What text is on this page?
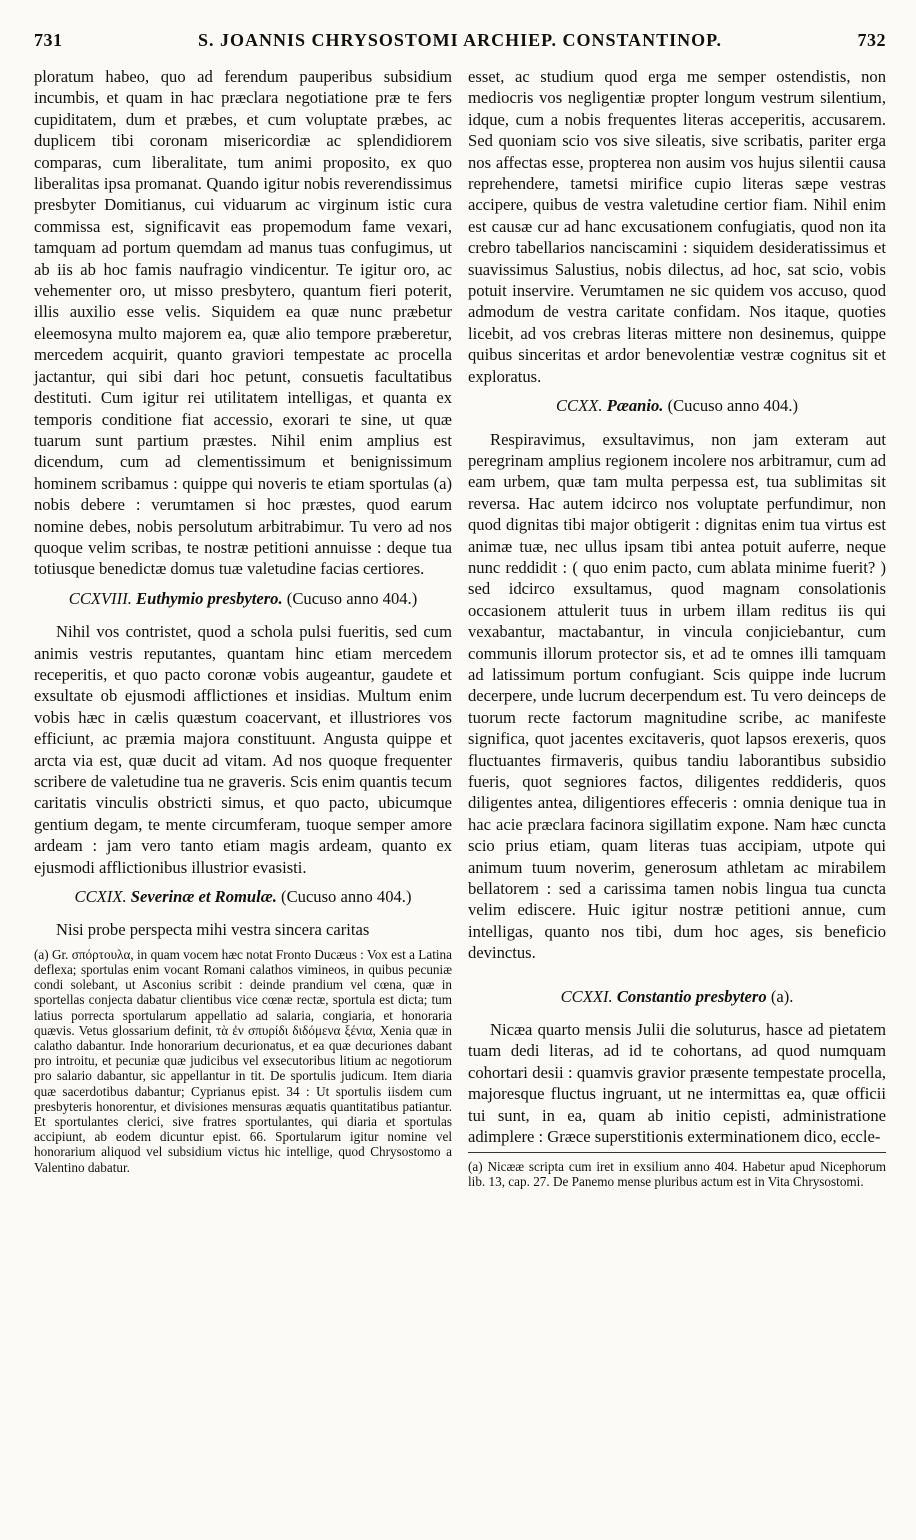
731	S. JOANNIS CHRYSOSTOMI ARCHIEP. CONSTANTINOP.	732

ploratum habeo, quo ad ferendum pauperibus subsidium incumbis, et quam in hac præclara negotiatione præ te fers cupiditatem, dum et præbes, et cum voluptate præbes, ac duplicem tibi coronam misericordiæ ac splendidiorem comparas, cum liberalitate, tum animi proposito, ex quo liberalitas ipsa promanat. Quando igitur nobis reverendissimus presbyter Domitianus, cui viduarum ac virginum istic cura commissa est, significavit eas propemodum fame vexari, tamquam ad portum quemdam ad manus tuas confugimus, ut ab iis ab hoc famis naufragio vindicentur. Te igitur oro, ac vehementer oro, ut misso presbytero, quantum fieri poterit, illis auxilio esse velis. Siquidem ea quæ nunc præbetur eleemosyna multo majorem ea, quæ alio tempore præberetur, mercedem acquirit, quanto graviori tempestate ac procella jactantur, qui sibi dari hoc petunt, consuetis facultatibus destituti. Cum igitur rei utilitatem intelligas, et quanta ex temporis conditione fiat accessio, exorari te sine, ut quæ tuarum sunt partium præstes. Nihil enim amplius est dicendum, cum ad clementissimum et benignissimum hominem scribamus : quippe qui noveris te etiam sportulas (a) nobis debere : verumtamen si hoc præstes, quod earum nomine debes, nobis persolutum arbitrabimur. Tu vero ad nos quoque velim scribas, te nostræ petitioni annuisse : deque tua totiusque benedictæ domus tuæ valetudine facias certiores.

CCXVIII. Euthymio presbytero. (Cucuso anno 404.)

Nihil vos contristet, quod a schola pulsi fueritis, sed cum animis vestris reputantes, quantam hinc etiam mercedem receperitis, et quo pacto coronæ vobis augeantur, gaudete et exsultate ob ejusmodi afflictiones et insidias. Multum enim vobis hæc in cælis quæstum coacervant, et illustriores vos efficiunt, ac præmia majora constituunt. Angusta quippe et arcta via est, quæ ducit ad vitam. Ad nos quoque frequenter scribere de valetudine tua ne graveris. Scis enim quantis tecum caritatis vinculis obstricti simus, et quo pacto, ubicumque gentium degam, te mente circumferam, tuoque semper amore ardeam : jam vero tanto etiam magis ardeam, quanto ex ejusmodi afflictionibus illustrior evasisti.

CCXIX. Severinæ et Romulæ. (Cucuso anno 404.)

Nisi probe perspecta mihi vestra sincera caritas

(a) Gr. σπόρτουλα, in quam vocem hæc notat Fronto Ducæus : Vox est a Latina deflexa; sportulas enim vocant Romani calathos vimineos, in quibus pecuniæ condi solebant, ut Asconius scribit : deinde prandium vel cœna, quæ in sportellas conjecta dabatur clientibus vice cœnæ rectæ, sportula est dicta; tum latius porrecta sportularum appellatio ad salaria, congiaria, et honoraria quævis. Vetus glossarium definit, τὰ ἐν σπυρίδι διδόμενα ξένια, Xenia quæ in calatho dabantur. Inde honorarium decurionatus, et ea quæ decuriones dabant pro introitu, et pecuniæ quæ judicibus vel exsecutoribus litium ac negotiorum pro salario dabantur, sic appellantur in tit. De sportulis judicum. Item diaria quæ sacerdotibus dabantur; Cyprianus epist. 34 : Ut sportulis iisdem cum presbyteris honorentur, et divisiones mensuras æquatis quantitatibus patiantur. Et sportulantes clerici, sive fratres sportulantes, qui diaria et sportulas accipiunt, ab eodem dicuntur epist. 66. Sportularum igitur nomine vel honorarium aliquod vel subsidium victus hic intellige, quod Chrysostomo a Valentino dabatur.

esset, ac studium quod erga me semper ostendistis, non mediocris vos negligentiæ propter longum vestrum silentium, idque, cum a nobis frequentes literas acceperitis, accusarem. Sed quoniam scio vos sive sileatis, sive scribatis, pariter erga nos affectas esse, propterea non ausim vos hujus silentii causa reprehendere, tametsi mirifice cupio literas sæpe vestras accipere, quibus de vestra valetudine certior fiam. Nihil enim est causæ cur ad hanc excusationem confugiatis, quod non ita crebro tabellarios nanciscamini : siquidem desideratissimus et suavissimus Salustius, nobis dilectus, ad hoc, sat scio, vobis potuit inservire. Verumtamen ne sic quidem vos accuso, quod admodum de vestra caritate confidam. Nos itaque, quoties licebit, ad vos crebras literas mittere non desinemus, quippe quibus sinceritas et ardor benevolentiæ vestræ cognitus sit et exploratus.

CCXX. Pæanio. (Cucuso anno 404.)

Respiravimus, exsultavimus, non jam exteram aut peregrinam amplius regionem incolere nos arbitramur, cum ad eam urbem, quæ tam multa perpessa est, tua sublimitas sit reversa. Hac autem idcirco nos voluptate perfundimur, non quod dignitas tibi major obtigerit : dignitas enim tua virtus est animæ tuæ, nec ullus ipsam tibi antea potuit auferre, neque nunc reddidit : ( quo enim pacto, cum ablata minime fuerit? ) sed idcirco exsultamus, quod magnam consolationis occasionem attulerit tuus in urbem illam reditus iis qui vexabantur, mactabantur, in vincula conjiciebantur, cum communis illorum protector sis, et ad te omnes illi tamquam ad latissimum portum confugiant. Scis quippe inde lucrum decerpere, unde lucrum decerpendum est. Tu vero deinceps de tuorum recte factorum magnitudine scribe, ac manifeste significa, quot jacentes excitaveris, quot lapsos erexeris, quos fluctuantes firmaveris, quibus tandiu laborantibus subsidio fueris, quot segniores factos, diligentes reddideris, quos diligentes antea, diligentiores effeceris : omnia denique tua in hac acie præclara facinora sigillatim expone. Nam hæc cuncta scio prius etiam, quam literas tuas accipiam, utpote qui animum tuum noverim, generosum athletam ac mirabilem bellatorem : sed a carissima tamen nobis lingua tua cuncta velim ediscere. Huic igitur nostræ petitioni annue, cum intelligas, quanto nos tibi, dum hoc ages, sis beneficio devinctus.

CCXXI. Constantio presbytero (a).

Nicæa quarto mensis Julii die soluturus, hasce ad pietatem tuam dedi literas, ad id te cohortans, ad quod numquam cohortari desii : quamvis gravior præsente tempestate procella, majoresque fluctus ingruant, ut ne intermittas ea, quæ officii tui sunt, in ea, quam ab initio cepisti, administratione adimplere : Græce superstitionis exterminationem dico, eccle-

(a) Nicææ scripta cum iret in exsilium anno 404. Habetur apud Nicephorum lib. 13, cap. 27. De Panemo mense pluribus actum est in Vita Chrysostomi.
